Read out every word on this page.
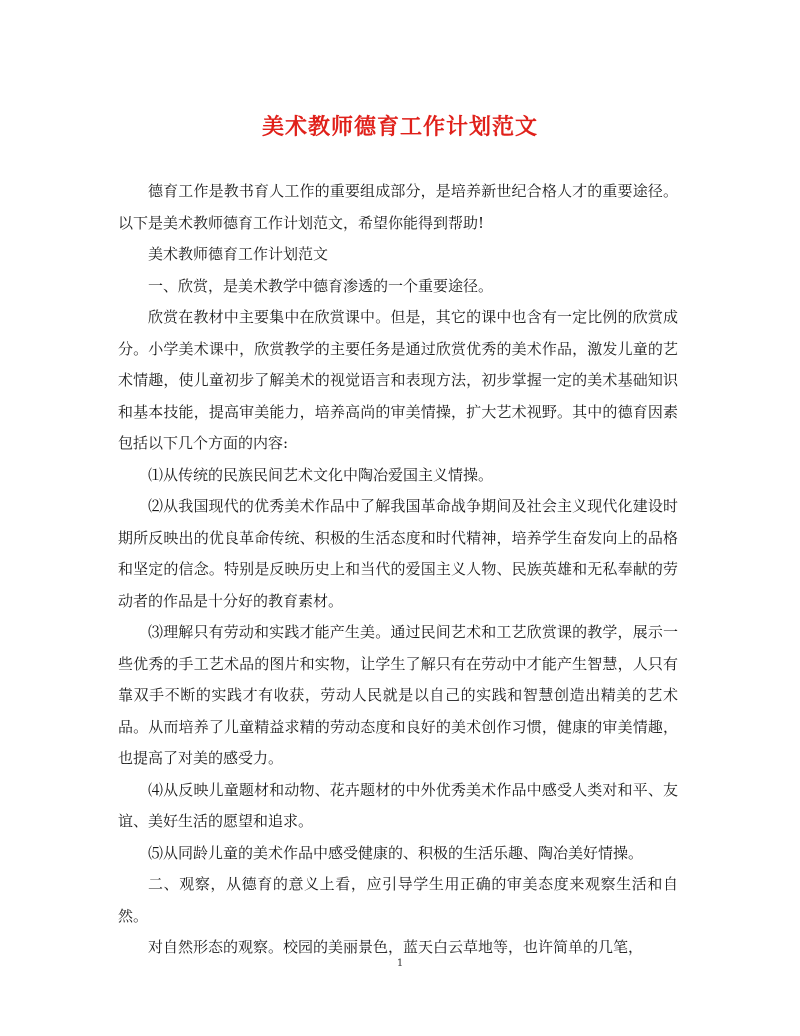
美术教师德育工作计划范文

德育工作是教书育人工作的重要组成部分，是培养新世纪合格人才的重要途径。以下是美术教师德育工作计划范文，希望你能得到帮助!

美术教师德育工作计划范文

一、欣赏，是美术教学中德育渗透的一个重要途径。

欣赏在教材中主要集中在欣赏课中。但是，其它的课中也含有一定比例的欣赏成分。小学美术课中，欣赏教学的主要任务是通过欣赏优秀的美术作品，激发儿童的艺术情趣，使儿童初步了解美术的视觉语言和表现方法，初步掌握一定的美术基础知识和基本技能，提高审美能力，培养高尚的审美情操，扩大艺术视野。其中的德育因素包括以下几个方面的内容:

⑴从传统的民族民间艺术文化中陶冶爱国主义情操。

⑵从我国现代的优秀美术作品中了解我国革命战争期间及社会主义现代化建设时期所反映出的优良革命传统、积极的生活态度和时代精神，培养学生奋发向上的品格和坚定的信念。特别是反映历史上和当代的爱国主义人物、民族英雄和无私奉献的劳动者的作品是十分好的教育素材。

⑶理解只有劳动和实践才能产生美。通过民间艺术和工艺欣赏课的教学，展示一些优秀的手工艺术品的图片和实物，让学生了解只有在劳动中才能产生智慧，人只有靠双手不断的实践才有收获，劳动人民就是以自己的实践和智慧创造出精美的艺术品。从而培养了儿童精益求精的劳动态度和良好的美术创作习惯，健康的审美情趣，也提高了对美的感受力。

⑷从反映儿童题材和动物、花卉题材的中外优秀美术作品中感受人类对和平、友谊、美好生活的愿望和追求。

⑸从同龄儿童的美术作品中感受健康的、积极的生活乐趣、陶冶美好情操。

二、观察，从德育的意义上看，应引导学生用正确的审美态度来观察生活和自然。

对自然形态的观察。校园的美丽景色，蓝天白云草地等，也许简单的几笔，

1
